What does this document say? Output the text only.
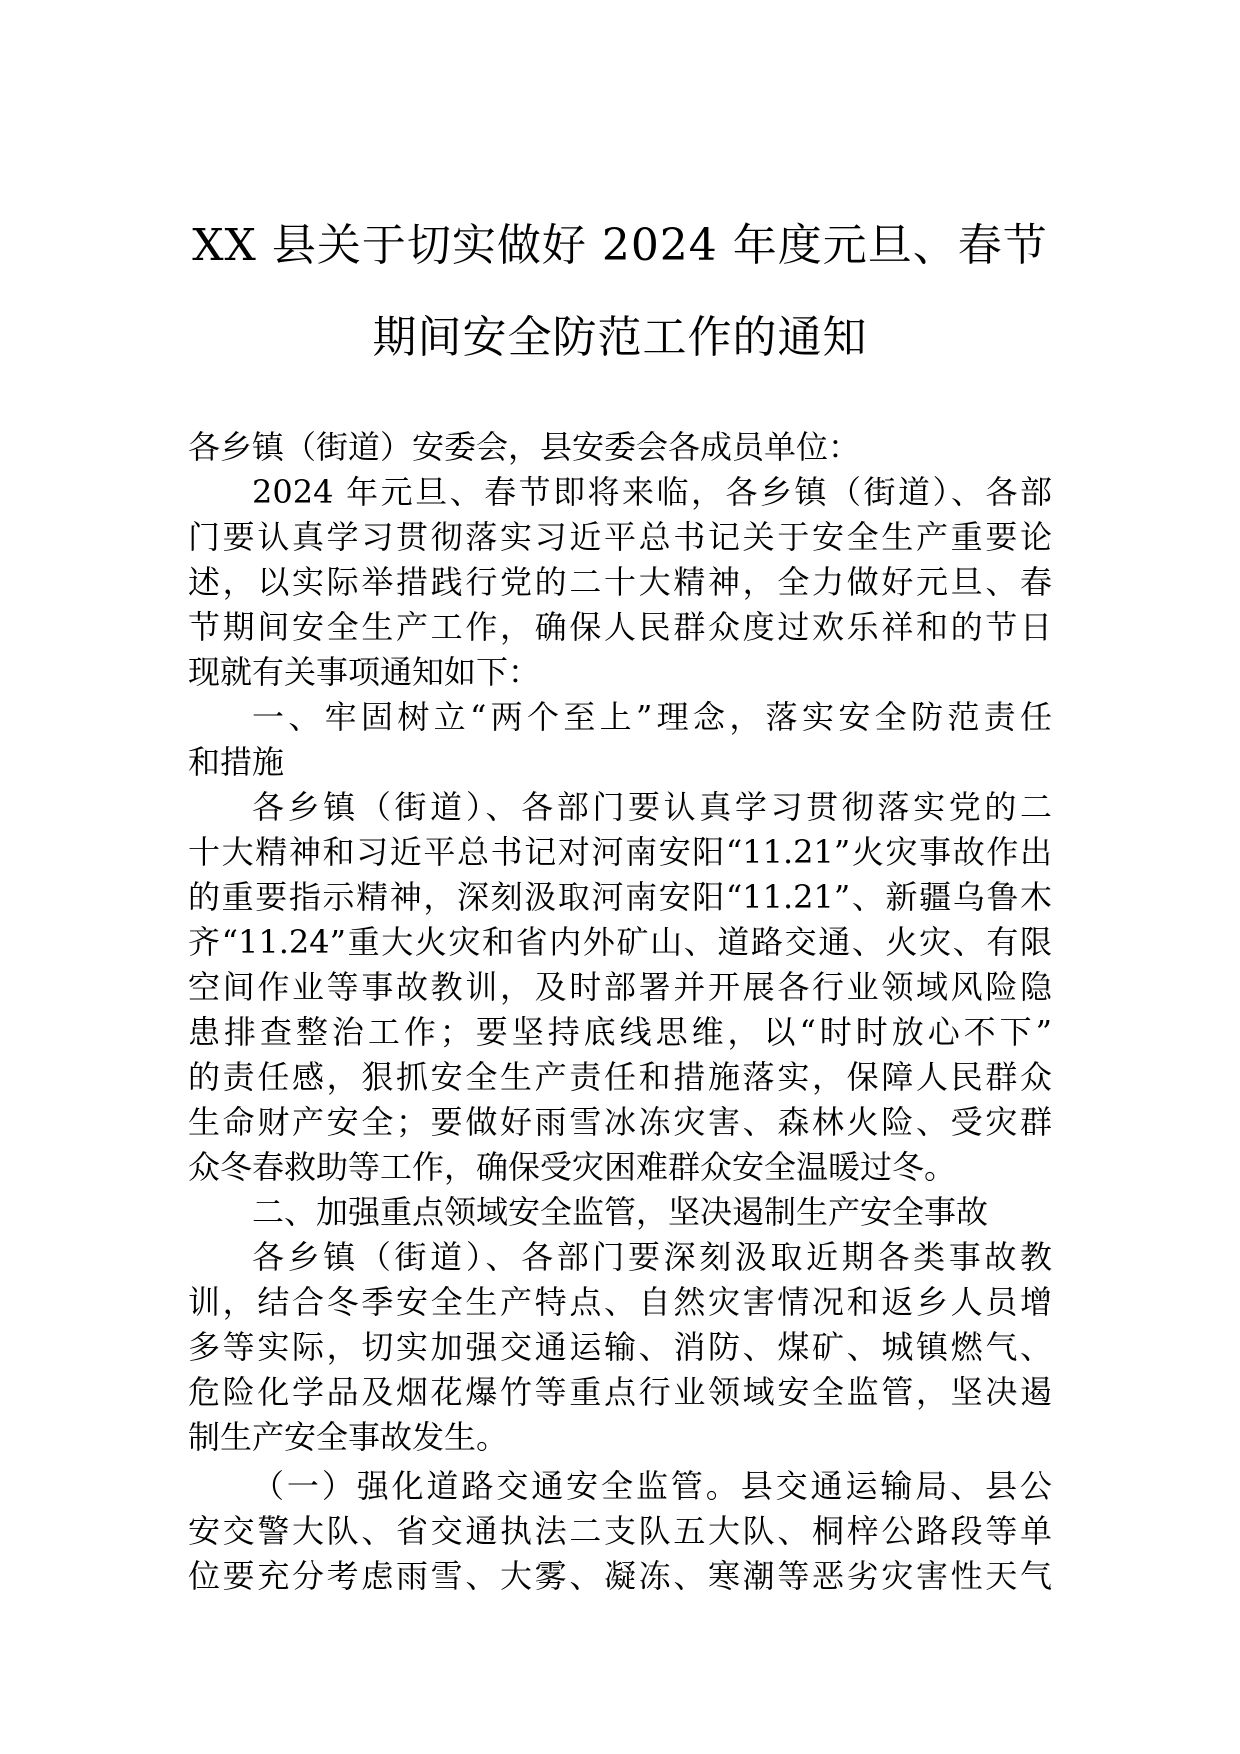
XX 县关于切实做好 2024 年度元旦、春节
期间安全防范工作的通知
各乡镇（街道）安委会，县安委会各成员单位：
2024 年元旦、春节即将来临，各乡镇（街道）、各部
门要认真学习贯彻落实习近平总书记关于安全生产重要论
述，以实际举措践行党的二十大精神，全力做好元旦、春
节期间安全生产工作，确保人民群众度过欢乐祥和的节日
现就有关事项通知如下：
一、牢固树立“两个至上”理念，落实安全防范责任
和措施
各乡镇（街道）、各部门要认真学习贯彻落实党的二
十大精神和习近平总书记对河南安阳“11.21”火灾事故作出
的重要指示精神，深刻汲取河南安阳“11.21”、新疆乌鲁木
齐“11.24”重大火灾和省内外矿山、道路交通、火灾、有限
空间作业等事故教训，及时部署并开展各行业领域风险隐
患排查整治工作；要坚持底线思维，以“时时放心不下”
的责任感，狠抓安全生产责任和措施落实，保障人民群众
生命财产安全；要做好雨雪冰冻灾害、森林火险、受灾群
众冬春救助等工作，确保受灾困难群众安全温暖过冬。
二、加强重点领域安全监管，坚决遏制生产安全事故
各乡镇（街道）、各部门要深刻汲取近期各类事故教
训，结合冬季安全生产特点、自然灾害情况和返乡人员增
多等实际，切实加强交通运输、消防、煤矿、城镇燃气、
危险化学品及烟花爆竹等重点行业领域安全监管，坚决遏
制生产安全事故发生。
（一）强化道路交通安全监管。县交通运输局、县公
安交警大队、省交通执法二支队五大队、桐梓公路段等单
位要充分考虑雨雪、大雾、凝冻、寒潮等恶劣灾害性天气
